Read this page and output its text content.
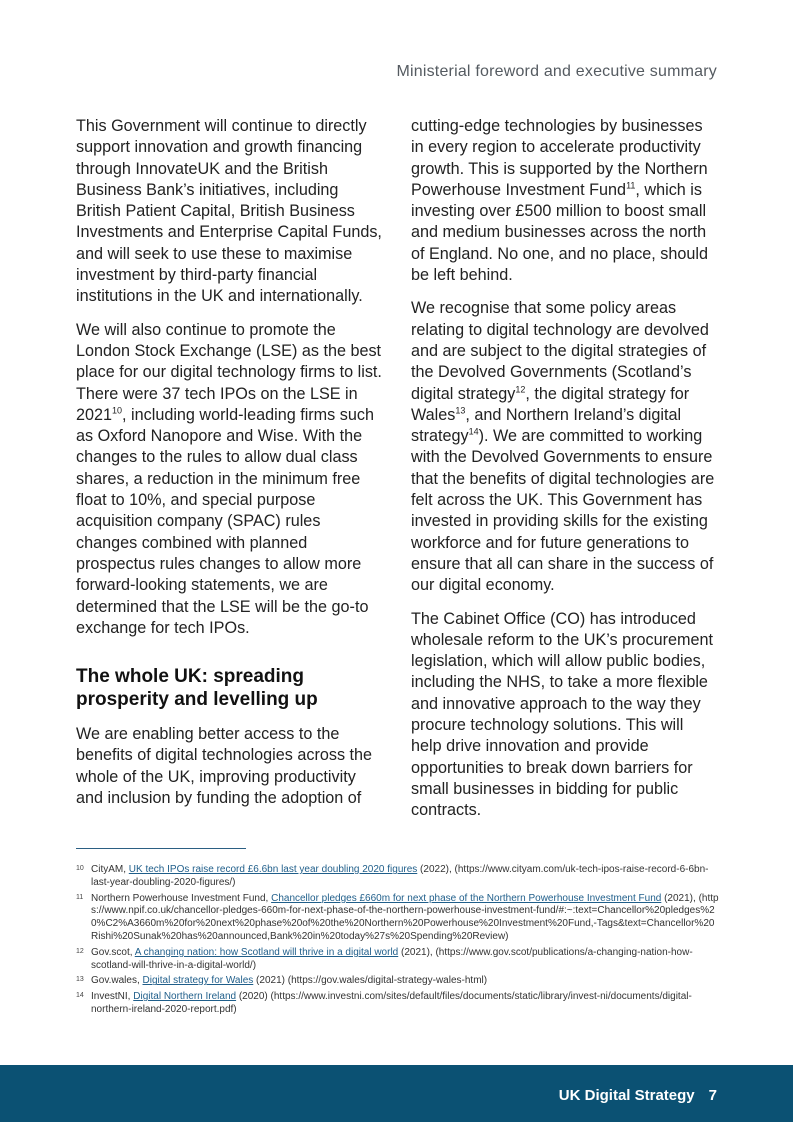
Ministerial foreword and executive summary

This Government will continue to directly support innovation and growth financing through InnovateUK and the British Business Bank’s initiatives, including British Patient Capital, British Business Investments and Enterprise Capital Funds, and will seek to use these to maximise investment by third-party financial institutions in the UK and internationally.

We will also continue to promote the London Stock Exchange (LSE) as the best place for our digital technology firms to list. There were 37 tech IPOs on the LSE in 2021$^{10}$, including world-leading firms such as Oxford Nanopore and Wise. With the changes to the rules to allow dual class shares, a reduction in the minimum free float to 10%, and special purpose acquisition company (SPAC) rules changes combined with planned prospectus rules changes to allow more forward-looking statements, we are determined that the LSE will be the go-to exchange for tech IPOs.

The whole UK: spreading prosperity and levelling up

We are enabling better access to the benefits of digital technologies across the whole of the UK, improving productivity and inclusion by funding the adoption of

cutting-edge technologies by businesses in every region to accelerate productivity growth. This is supported by the Northern Powerhouse Investment Fund$^{11}$, which is investing over £500 million to boost small and medium businesses across the north of England. No one, and no place, should be left behind.

We recognise that some policy areas relating to digital technology are devolved and are subject to the digital strategies of the Devolved Governments (Scotland’s digital strategy$^{12}$, the digital strategy for Wales$^{13}$, and Northern Ireland’s digital strategy$^{14}$). We are committed to working with the Devolved Governments to ensure that the benefits of digital technologies are felt across the UK. This Government has invested in providing skills for the existing workforce and for future generations to ensure that all can share in the success of our digital economy.

The Cabinet Office (CO) has introduced wholesale reform to the UK’s procurement legislation, which will allow public bodies, including the NHS, to take a more flexible and innovative approach to the way they procure technology solutions. This will help drive innovation and provide opportunities to break down barriers for small businesses in bidding for public contracts.

10 CityAM, UK tech IPOs raise record £6.6bn last year doubling 2020 figures (2022), (https://www.cityam.com/uk-tech-ipos-raise-record-6-6bn-last-year-doubling-2020-figures/)
11 Northern Powerhouse Investment Fund, Chancellor pledges £660m for next phase of the Northern Powerhouse Investment Fund (2021), (https://www.npif.co.uk/chancellor-pledges-660m-for-next-phase-of-the-northern-powerhouse-investment-fund/#:~:text=Chancellor%20pledges%20%C2%A3660m%20for%20next%20phase%20of%20the%20Northern%20Powerhouse%20Investment%20Fund,-Tags&text=Chancellor%20Rishi%20Sunak%20has%20announced,Bank%20in%20today%27s%20Spending%20Review)
12 Gov.scot, A changing nation: how Scotland will thrive in a digital world (2021), (https://www.gov.scot/publications/a-changing-nation-how-scotland-will-thrive-in-a-digital-world/)
13 Gov.wales, Digital strategy for Wales (2021) (https://gov.wales/digital-strategy-wales-html)
14 InvestNI, Digital Northern Ireland (2020) (https://www.investni.com/sites/default/files/documents/static/library/invest-ni/documents/digital-northern-ireland-2020-report.pdf)
UK Digital Strategy 7
